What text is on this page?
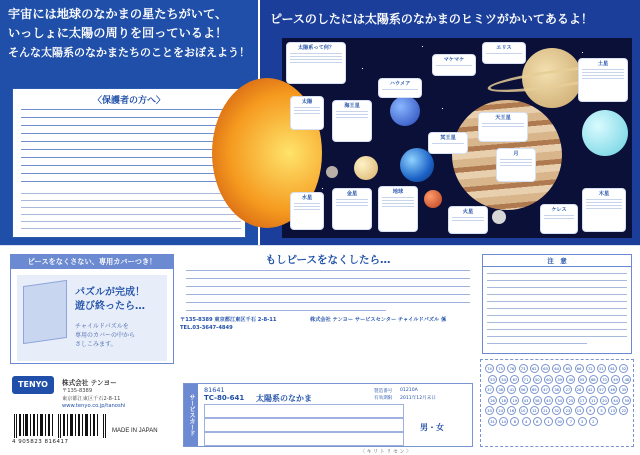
宇宙には地球のなかまの星たちがいて、
いっしょに太陽の周りを回っているよ！
そんな太陽系のなかまたちのことをおぼえよう！
〈保護者の方へ〉
ピースのしたには太陽系のなかまのヒミツがかいてあるよ！
太陽系って何？
太陽
水星
金星	地球
月
火星
木星
土星
天王星
海王星
ハウメア
マケマケ
エリス
ケレス
冥王星
ピースをなくさない、専用カバーつき！
パズルが完成！
遊び終ったら…
チャイルドパズルを
専用のカバーの中から
さしこみます。
TENYO	株式会社 テンヨー
〒135-8389
東京都江東区千石2-8-11
www.tenyo.co.jp/tanoshi
4 905823 816417
MADE IN JAPAN
もしピースをなくしたら…
〒135-8389 東京都江東区千石 2-8-11	株式会社 テンヨー サービスセンター チャイルドパズル 係
TEL.03-3647-4849
注　意
サービスカード
81641
TC-80-641 太陽系のなかま
製造番号 01210A
有効期限 2011年12月末日
男・女
〈 キ リ ト リ セ ン 〉
74	75	76	73	62	63	64	65	66	72	51	61	52
53	54	67	71	50	60	39	40	55	68	70	49	48
37	38	41	56	69	47	36	27	28	42	57	46	35
26	18	19	43	58	45	34	25	17	11	20	44	59
33	24	16	10	12	21	32	23	15	9	5	13	22
31	14	8	4	6	1	30	7	3	2
